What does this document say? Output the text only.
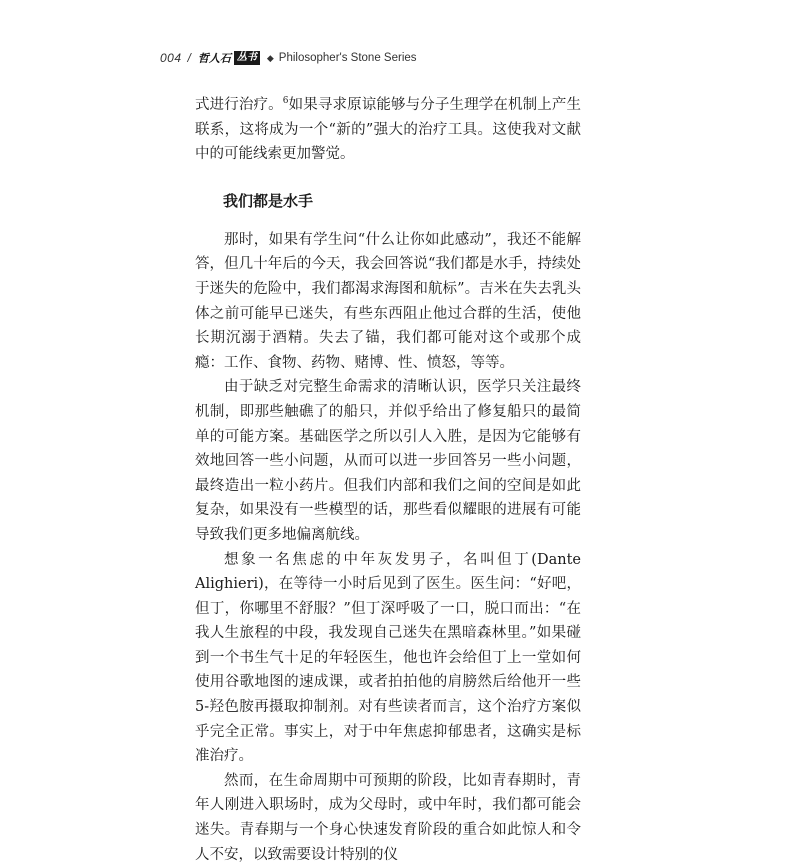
004 / 哲人石 丛书	◆ Philosopher's Stone Series

式进行治疗。$^6$如果寻求原谅能够与分子生理学在机制上产生联系，这将成为一个“新的”强大的治疗工具。这使我对文献中的可能线索更加警觉。

我们都是水手

那时，如果有学生问“什么让你如此感动”，我还不能解答，但几十年后的今天，我会回答说“我们都是水手，持续处于迷失的危险中，我们都渴求海图和航标”。吉米在失去乳头体之前可能早已迷失，有些东西阻止他过合群的生活，使他长期沉溺于酒精。失去了锚，我们都可能对这个或那个成瘾：工作、食物、药物、赌博、性、愤怒，等等。

由于缺乏对完整生命需求的清晰认识，医学只关注最终机制，即那些触礁了的船只，并似乎给出了修复船只的最简单的可能方案。基础医学之所以引人入胜，是因为它能够有效地回答一些小问题，从而可以进一步回答另一些小问题，最终造出一粒小药片。但我们内部和我们之间的空间是如此复杂，如果没有一些模型的话，那些看似耀眼的进展有可能导致我们更多地偏离航线。

想象一名焦虑的中年灰发男子，名叫但丁(Dante Alighieri)，在等待一小时后见到了医生。医生问：“好吧，但丁，你哪里不舒服？”但丁深呼吸了一口，脱口而出：“在我人生旅程的中段，我发现自己迷失在黑暗森林里。”如果碰到一个书生气十足的年轻医生，他也许会给但丁上一堂如何使用谷歌地图的速成课，或者拍拍他的肩膀然后给他开一些5-羟色胺再摄取抑制剂。对有些读者而言，这个治疗方案似乎完全正常。事实上，对于中年焦虑抑郁患者，这确实是标准治疗。

然而，在生命周期中可预期的阶段，比如青春期时，青年人刚进入职场时，成为父母时，或中年时，我们都可能会迷失。青春期与一个身心快速发育阶段的重合如此惊人和令人不安，以致需要设计特别的仪
